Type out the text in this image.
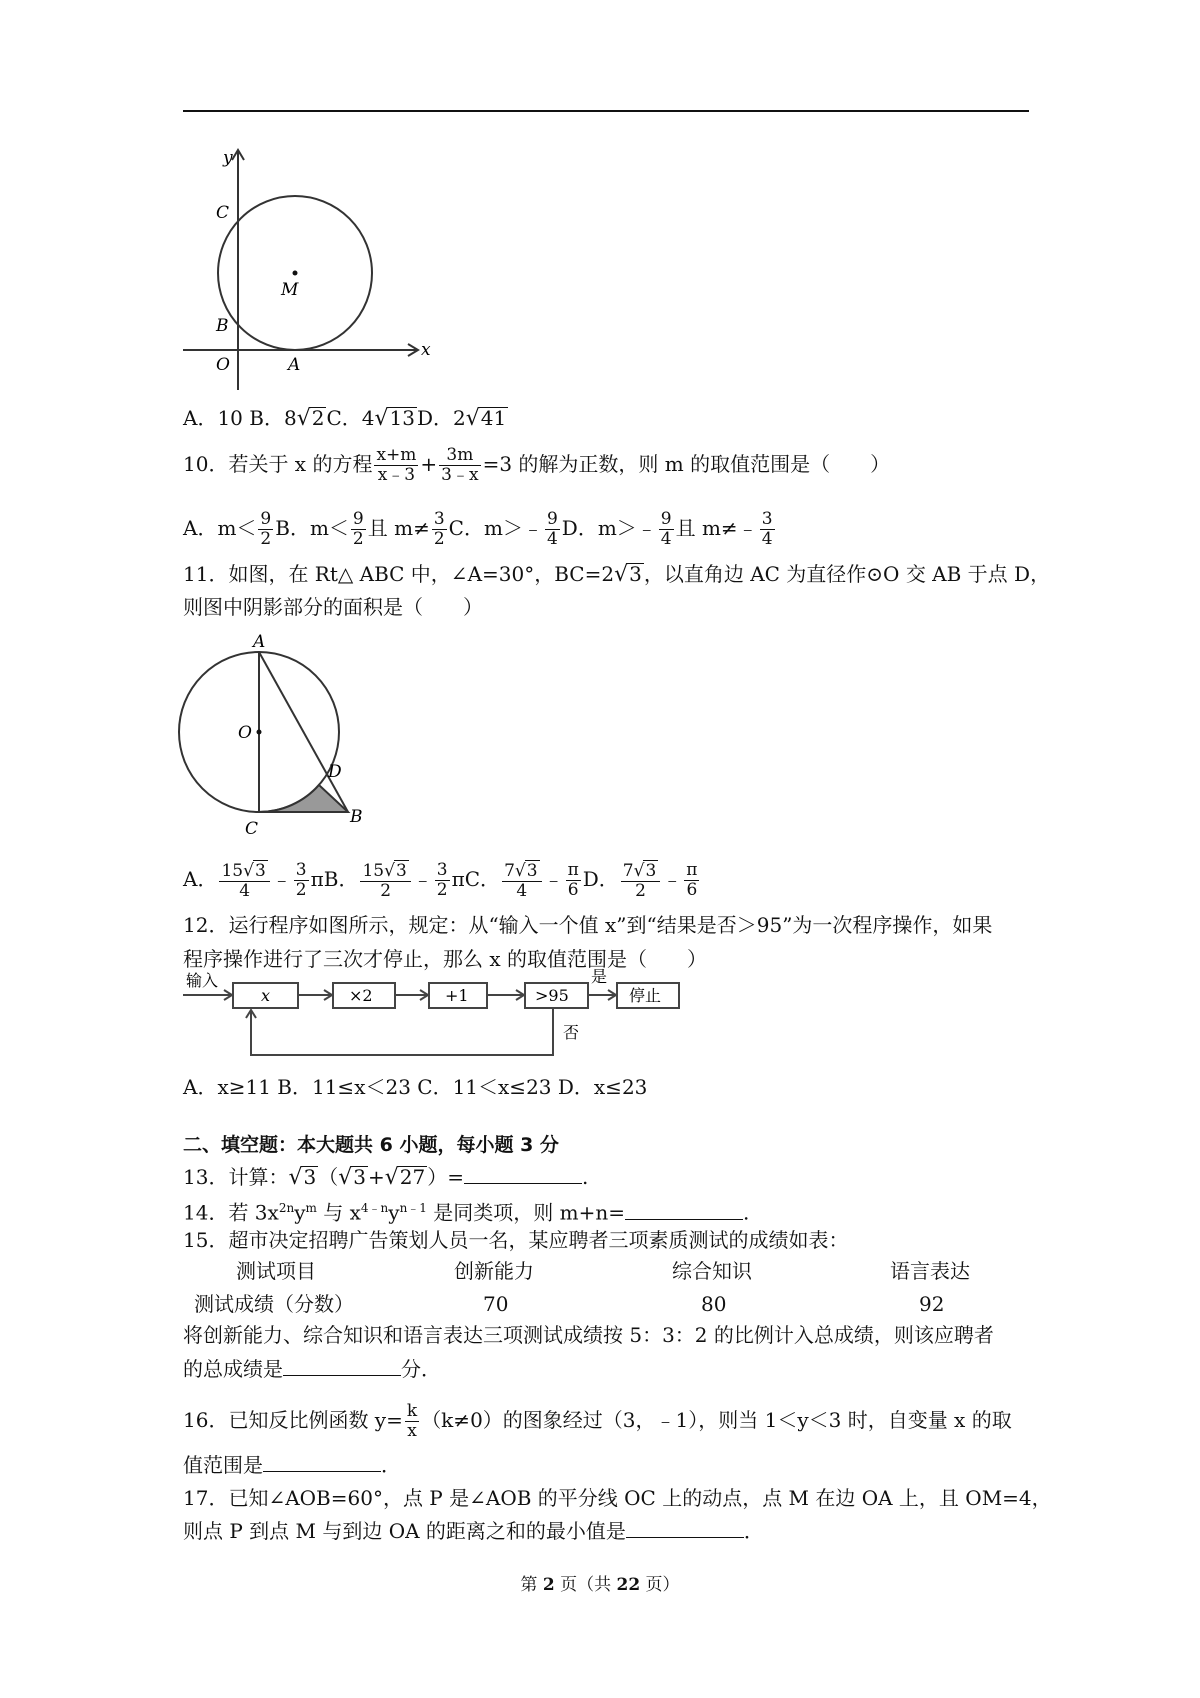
y
x
C
M
B
O	A
A．10 B．8√2 C．4√13 D．2√41
10．若关于 x 的方程 $\frac{x+m}{x﹣3} + \frac{3m}{3﹣x} =3$ 的解为正数，则 m 的取值范围是（　　）
A．$m< \frac{9}{2}$ B．$m< \frac{9}{2}$ 且 $m\ne \frac{3}{2}$ C．m＞﹣ $\frac{9}{4}$ D．m＞﹣ $\frac{9}{4}$ 且 m≠﹣ $\frac{3}{4}$
11．如图，在 Rt△ ABC 中，∠A=30°，BC=2√3 ，以直角边 AC 为直径作⊙O 交 AB 于点 D，
则图中阴影部分的面积是（　　）
A
O
D
C
B
A． $\frac{15√3}{4}$ ﹣ $\frac{3}{2}$ πB． $\frac{15√3}{2}$ ﹣ $\frac{3}{2}$ πC． $\frac{7√3}{4}$ ﹣ $\frac{\pi}{6}$ D． $\frac{7√3}{2}$ ﹣ $\frac{\pi}{6}$
12．运行程序如图所示，规定：从“输入一个值 x”到“结果是否＞95”为一次程序操作，如果
程序操作进行了三次才停止，那么 x 的取值范围是（　　）
输入
x	×2	+1	>95
是
停止
否
A．x≥11 B．11≤x＜23 C．11＜x≤23 D．x≤23
二、填空题：本大题共 6 小题，每小题 3 分
13．计算：√3 （√3 +√27 ）=	.
14．若 $3x^{2n}y^m$ 与 $x^{4﹣n}y^{n﹣1}$ 是同类项，则 m+n=	.
15．超市决定招聘广告策划人员一名，某应聘者三项素质测试的成绩如表：
测试项目	创新能力	综合知识	语言表达
测试成绩（分数）	70	80	92
将创新能力、综合知识和语言表达三项测试成绩按 5：3：2 的比例计入总成绩，则该应聘者
的总成绩是	分．
16．已知反比例函数 $y= \frac{k}{x} (k\ne 0)$的图象经过（3，﹣1），则当 1＜y＜3 时，自变量 x 的取
值范围是	．
17．已知∠AOB=60°，点 P 是∠AOB 的平分线 OC 上的动点，点 M 在边 OA 上，且 OM=4，
则点 P 到点 M 与到边 OA 的距离之和的最小值是	．
第 2 页（共 22 页）
